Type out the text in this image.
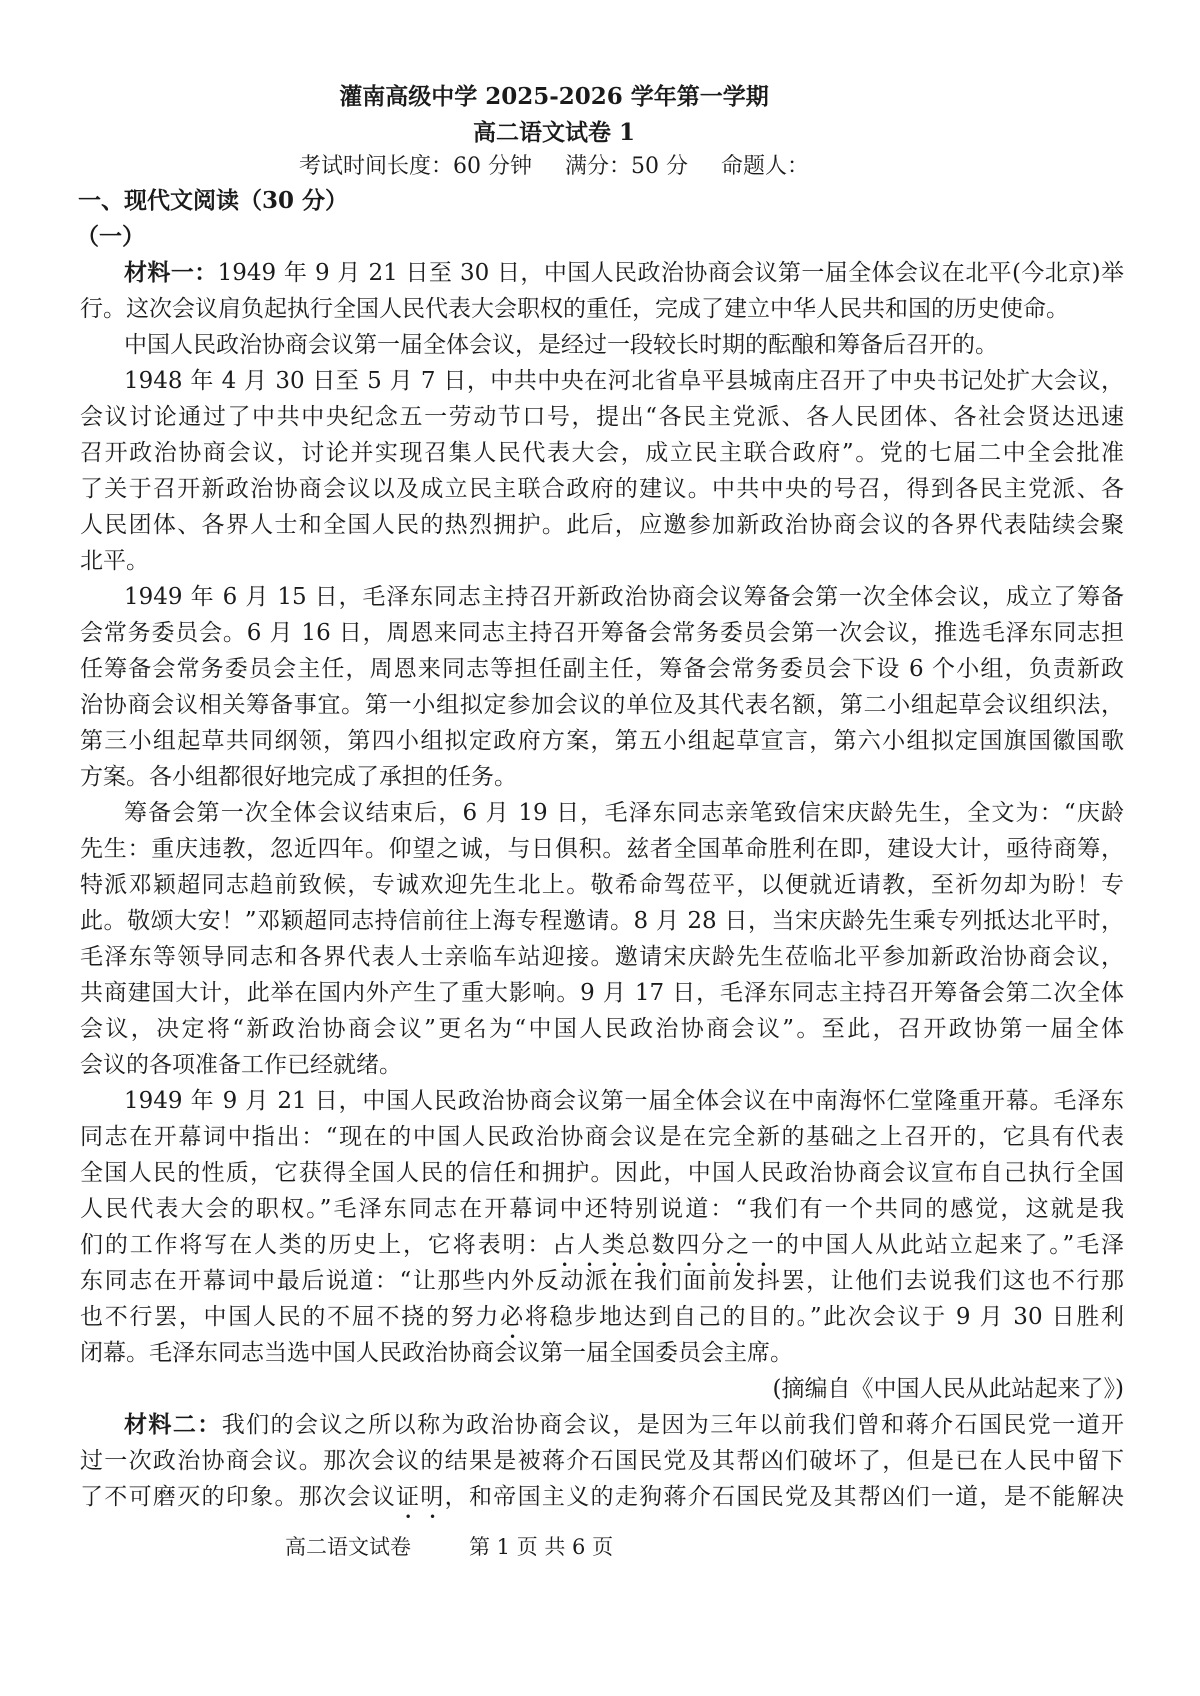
灌南高级中学 2025-2026 学年第一学期
高二语文试卷 1
考试时间长度：60 分钟 满分：50 分 命题人：
一、现代文阅读（30 分）
（一）
材料一：1949 年 9 月 21 日至 30 日，中国人民政治协商会议第一届全体会议在北平(今北京)举
行。这次会议肩负起执行全国人民代表大会职权的重任，完成了建立中华人民共和国的历史使命。
中国人民政治协商会议第一届全体会议，是经过一段较长时期的酝酿和筹备后召开的。
1948 年 4 月 30 日至 5 月 7 日，中共中央在河北省阜平县城南庄召开了中央书记处扩大会议，
会议讨论通过了中共中央纪念五一劳动节口号，提出“各民主党派、各人民团体、各社会贤达迅速
召开政治协商会议，讨论并实现召集人民代表大会，成立民主联合政府”。党的七届二中全会批准
了关于召开新政治协商会议以及成立民主联合政府的建议。中共中央的号召，得到各民主党派、各
人民团体、各界人士和全国人民的热烈拥护。此后，应邀参加新政治协商会议的各界代表陆续会聚
北平。
1949 年 6 月 15 日，毛泽东同志主持召开新政治协商会议筹备会第一次全体会议，成立了筹备
会常务委员会。6 月 16 日，周恩来同志主持召开筹备会常务委员会第一次会议，推选毛泽东同志担
任筹备会常务委员会主任，周恩来同志等担任副主任，筹备会常务委员会下设 6 个小组，负责新政
治协商会议相关筹备事宜。第一小组拟定参加会议的单位及其代表名额，第二小组起草会议组织法，
第三小组起草共同纲领，第四小组拟定政府方案，第五小组起草宣言，第六小组拟定国旗国徽国歌
方案。各小组都很好地完成了承担的任务。
筹备会第一次全体会议结束后，6 月 19 日，毛泽东同志亲笔致信宋庆龄先生，全文为：“庆龄
先生：重庆违教，忽近四年。仰望之诚，与日俱积。兹者全国革命胜利在即，建设大计，亟待商筹，
特派邓颖超同志趋前致候，专诚欢迎先生北上。敬希命驾莅平，以便就近请教，至祈勿却为盼！专
此。敬颂大安！”邓颖超同志持信前往上海专程邀请。8 月 28 日，当宋庆龄先生乘专列抵达北平时，
毛泽东等领导同志和各界代表人士亲临车站迎接。邀请宋庆龄先生莅临北平参加新政治协商会议，
共商建国大计，此举在国内外产生了重大影响。9 月 17 日，毛泽东同志主持召开筹备会第二次全体
会议，决定将“新政治协商会议”更名为“中国人民政治协商会议”。至此，召开政协第一届全体
会议的各项准备工作已经就绪。
1949 年 9 月 21 日，中国人民政治协商会议第一届全体会议在中南海怀仁堂隆重开幕。毛泽东
同志在开幕词中指出：“现在的中国人民政治协商会议是在完全新的基础之上召开的，它具有代表
全国人民的性质，它获得全国人民的信任和拥护。因此，中国人民政治协商会议宣布自己执行全国
人民代表大会的职权。”毛泽东同志在开幕词中还特别说道：“我们有一个共同的感觉，这就是我
们的工作将写在人类的历史上，它将表明：占人类总数四分之一的中国人从此站立起来了。”毛泽
东同志在开幕词中最后说道：“让那些内外反动派在我们面前发抖罢，让他们去说我们这也不行那
也不行罢，中国人民的不屈不挠的努力必将稳步地达到自己的目的。”此次会议于 9 月 30 日胜利
闭幕。毛泽东同志当选中国人民政治协商会议第一届全国委员会主席。
(摘编自《中国人民从此站起来了》)
材料二：我们的会议之所以称为政治协商会议，是因为三年以前我们曾和蒋介石国民党一道开
过一次政治协商会议。那次会议的结果是被蒋介石国民党及其帮凶们破坏了，但是已在人民中留下
了不可磨灭的印象。那次会议证明，和帝国主义的走狗蒋介石国民党及其帮凶们一道，是不能解决
高二语文试卷	第 1 页 共 6 页
